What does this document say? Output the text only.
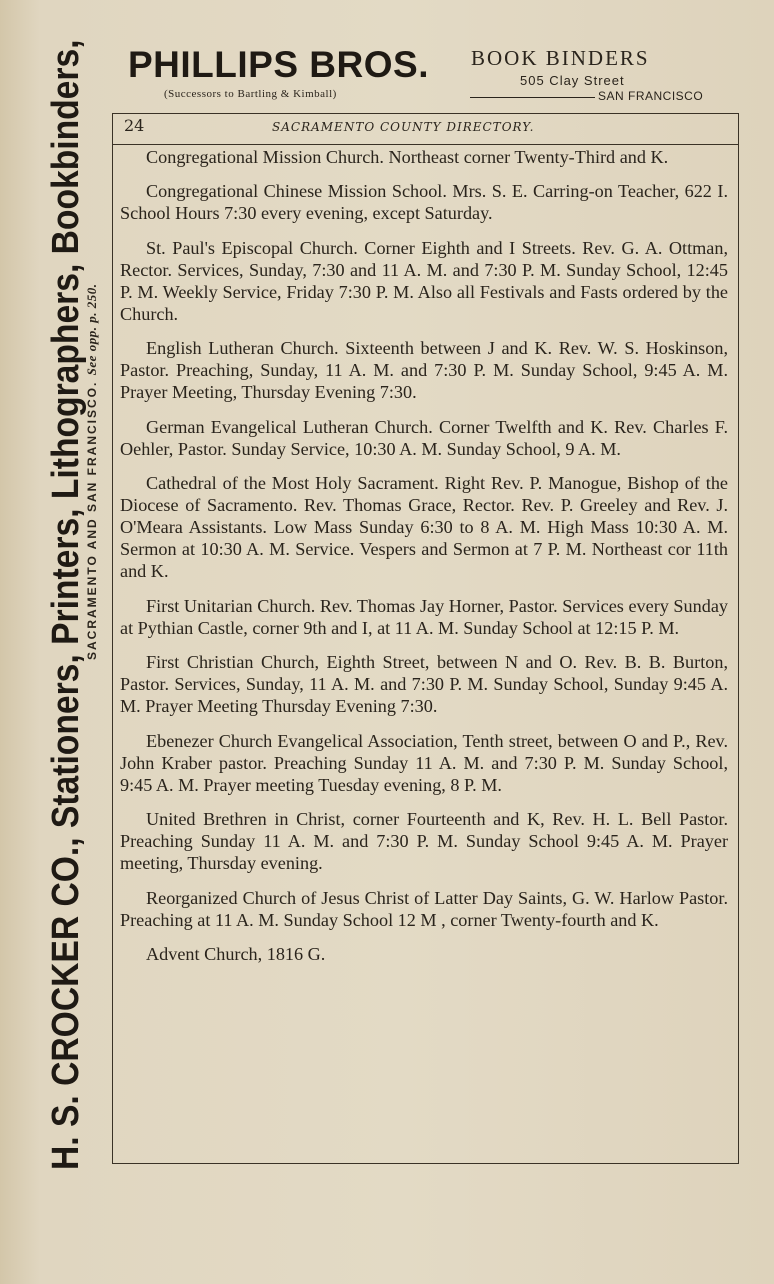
H. S. CROCKER CO., Stationers, Printers, Lithographers, Bookbinders,
SACRAMENTO AND SAN FRANCISCO. See opp. p. 250.
PHILLIPS BROS.
(Successors to Bartling & Kimball)
BOOK BINDERS
505 Clay Street
SAN FRANCISCO
24	SACRAMENTO COUNTY DIRECTORY.

Congregational Mission Church. Northeast corner Twenty-Third and K.

Congregational Chinese Mission School. Mrs. S. E. Carring-on Teacher, 622 I. School Hours 7:30 every evening, except Saturday.

St. Paul's Episcopal Church. Corner Eighth and I Streets. Rev. G. A. Ottman, Rector. Services, Sunday, 7:30 and 11 A. M. and 7:30 P. M. Sunday School, 12:45 P. M. Weekly Service, Friday 7:30 P. M. Also all Festivals and Fasts ordered by the Church.

English Lutheran Church. Sixteenth between J and K. Rev. W. S. Hoskinson, Pastor. Preaching, Sunday, 11 A. M. and 7:30 P. M. Sunday School, 9:45 A. M. Prayer Meeting, Thursday Evening 7:30.

German Evangelical Lutheran Church. Corner Twelfth and K. Rev. Charles F. Oehler, Pastor. Sunday Service, 10:30 A. M. Sunday School, 9 A. M.

Cathedral of the Most Holy Sacrament. Right Rev. P. Manogue, Bishop of the Diocese of Sacramento. Rev. Thomas Grace, Rector. Rev. P. Greeley and Rev. J. O'Meara Assistants. Low Mass Sunday 6:30 to 8 A. M. High Mass 10:30 A. M. Sermon at 10:30 A. M. Service. Vespers and Sermon at 7 P. M. Northeast cor 11th and K.

First Unitarian Church. Rev. Thomas Jay Horner, Pastor. Services every Sunday at Pythian Castle, corner 9th and I, at 11 A. M. Sunday School at 12:15 P. M.

First Christian Church, Eighth Street, between N and O. Rev. B. B. Burton, Pastor. Services, Sunday, 11 A. M. and 7:30 P. M. Sunday School, Sunday 9:45 A. M. Prayer Meeting Thursday Evening 7:30.

Ebenezer Church Evangelical Association, Tenth street, between O and P., Rev. John Kraber pastor. Preaching Sunday 11 A. M. and 7:30 P. M. Sunday School, 9:45 A. M. Prayer meeting Tuesday evening, 8 P. M.

United Brethren in Christ, corner Fourteenth and K, Rev. H. L. Bell Pastor. Preaching Sunday 11 A. M. and 7:30 P. M. Sunday School 9:45 A. M. Prayer meeting, Thursday evening.

Reorganized Church of Jesus Christ of Latter Day Saints, G. W. Harlow Pastor. Preaching at 11 A. M. Sunday School 12 M , corner Twenty-fourth and K.

Advent Church, 1816 G.
